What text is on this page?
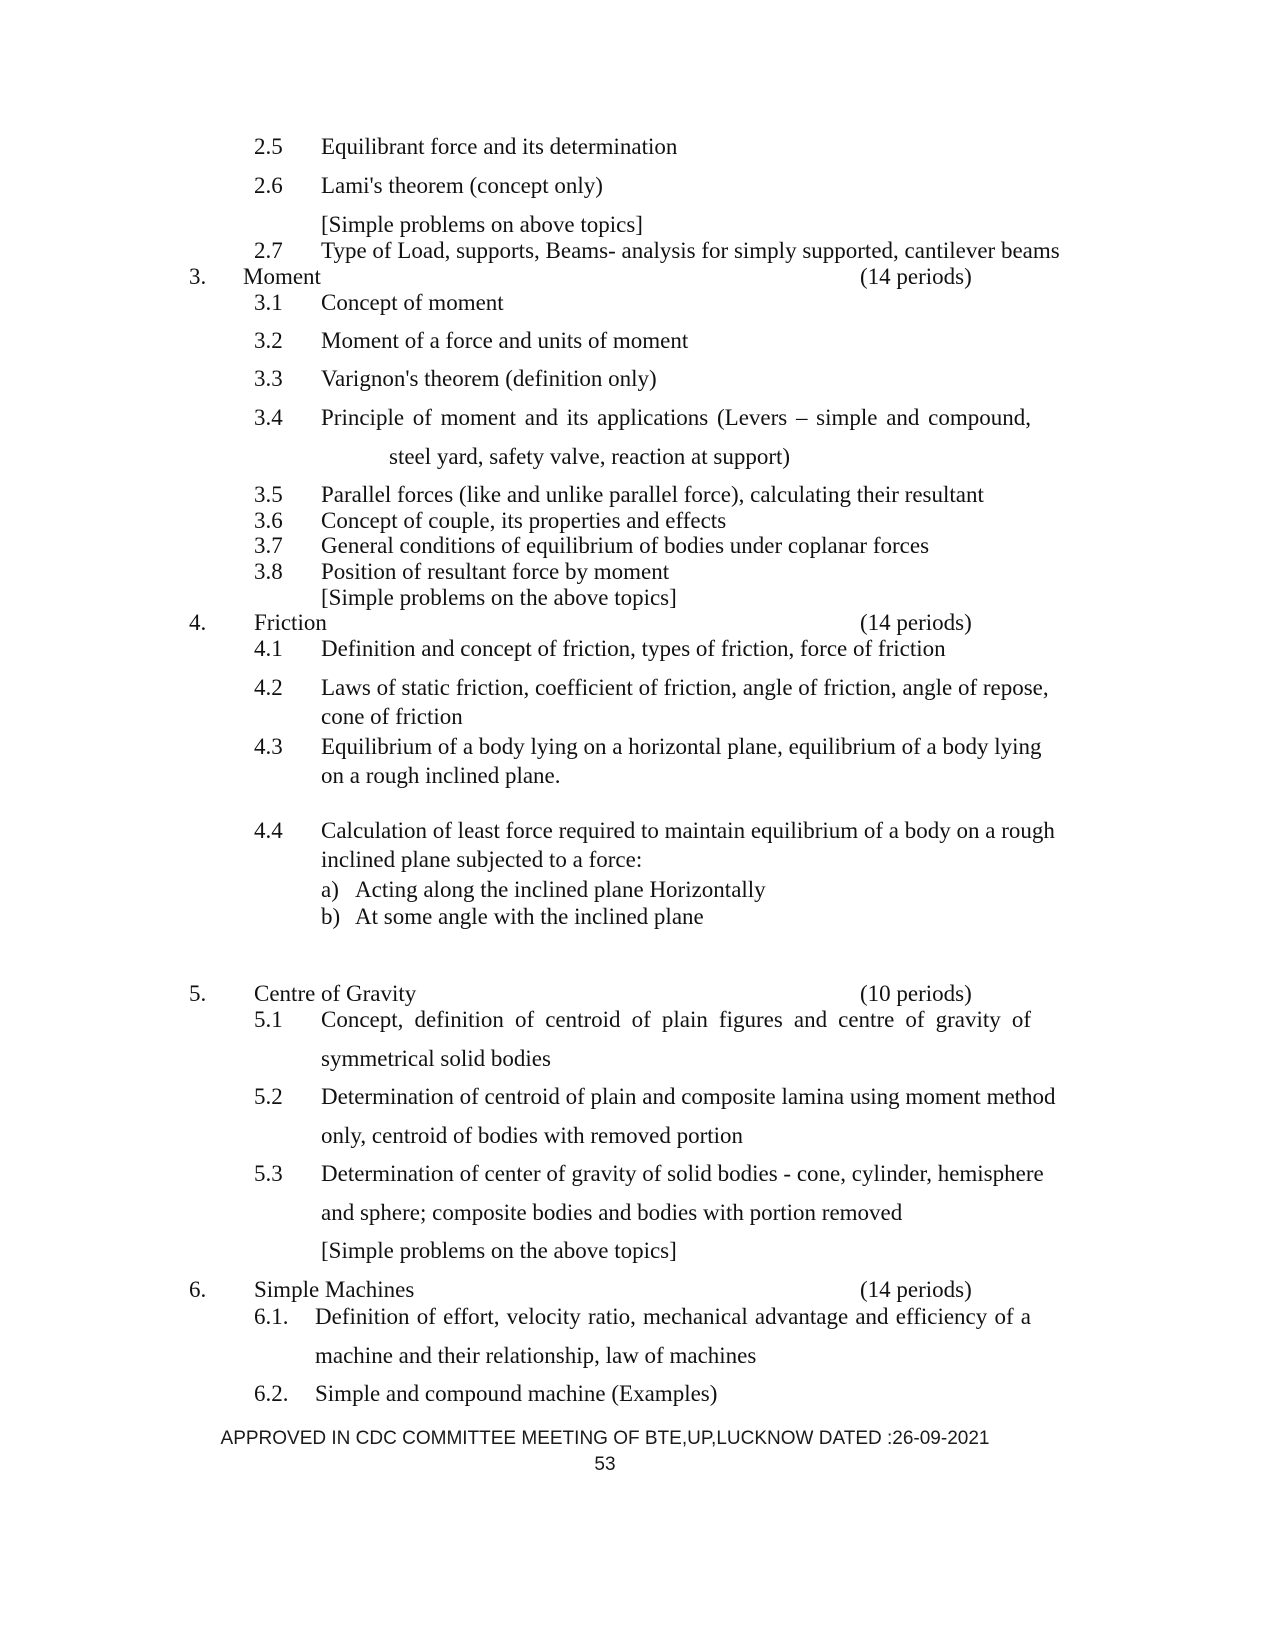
2.5 Equilibrant force and its determination

2.6 Lami's theorem (concept only)

[Simple problems on above topics]

2.7 Type of Load, supports, Beams- analysis for simply supported, cantilever beams

3. Moment	(14 periods)

3.1 Concept of moment

3.2 Moment of a force and units of moment

3.3 Varignon's theorem (definition only)

3.4 Principle of moment and its applications (Levers – simple and compound,

steel yard, safety valve, reaction at support)

3.5 Parallel forces (like and unlike parallel force), calculating their resultant

3.6 Concept of couple, its properties and effects

3.7 General conditions of equilibrium of bodies under coplanar forces

3.8 Position of resultant force by moment

[Simple problems on the above topics]

4. Friction	(14 periods)

4.1 Definition and concept of friction, types of friction, force of friction

4.2 Laws of static friction, coefficient of friction, angle of friction, angle of repose,

cone of friction

4.3 Equilibrium of a body lying on a horizontal plane, equilibrium of a body lying

on a rough inclined plane.

4.4 Calculation of least force required to maintain equilibrium of a body on a rough

inclined plane subjected to a force:

a) Acting along the inclined plane Horizontally

b) At some angle with the inclined plane

5. Centre of Gravity	(10 periods)

5.1 Concept, definition of centroid of plain figures and centre of gravity of

symmetrical solid bodies

5.2 Determination of centroid of plain and composite lamina using moment method

only, centroid of bodies with removed portion

5.3 Determination of center of gravity of solid bodies - cone, cylinder, hemisphere

and sphere; composite bodies and bodies with portion removed

[Simple problems on the above topics]

6. Simple Machines	(14 periods)

6.1. Definition of effort, velocity ratio, mechanical advantage and efficiency of a

machine and their relationship, law of machines

6.2. Simple and compound machine (Examples)

APPROVED IN CDC COMMITTEE MEETING OF BTE,UP,LUCKNOW DATED :26-09-2021
53
